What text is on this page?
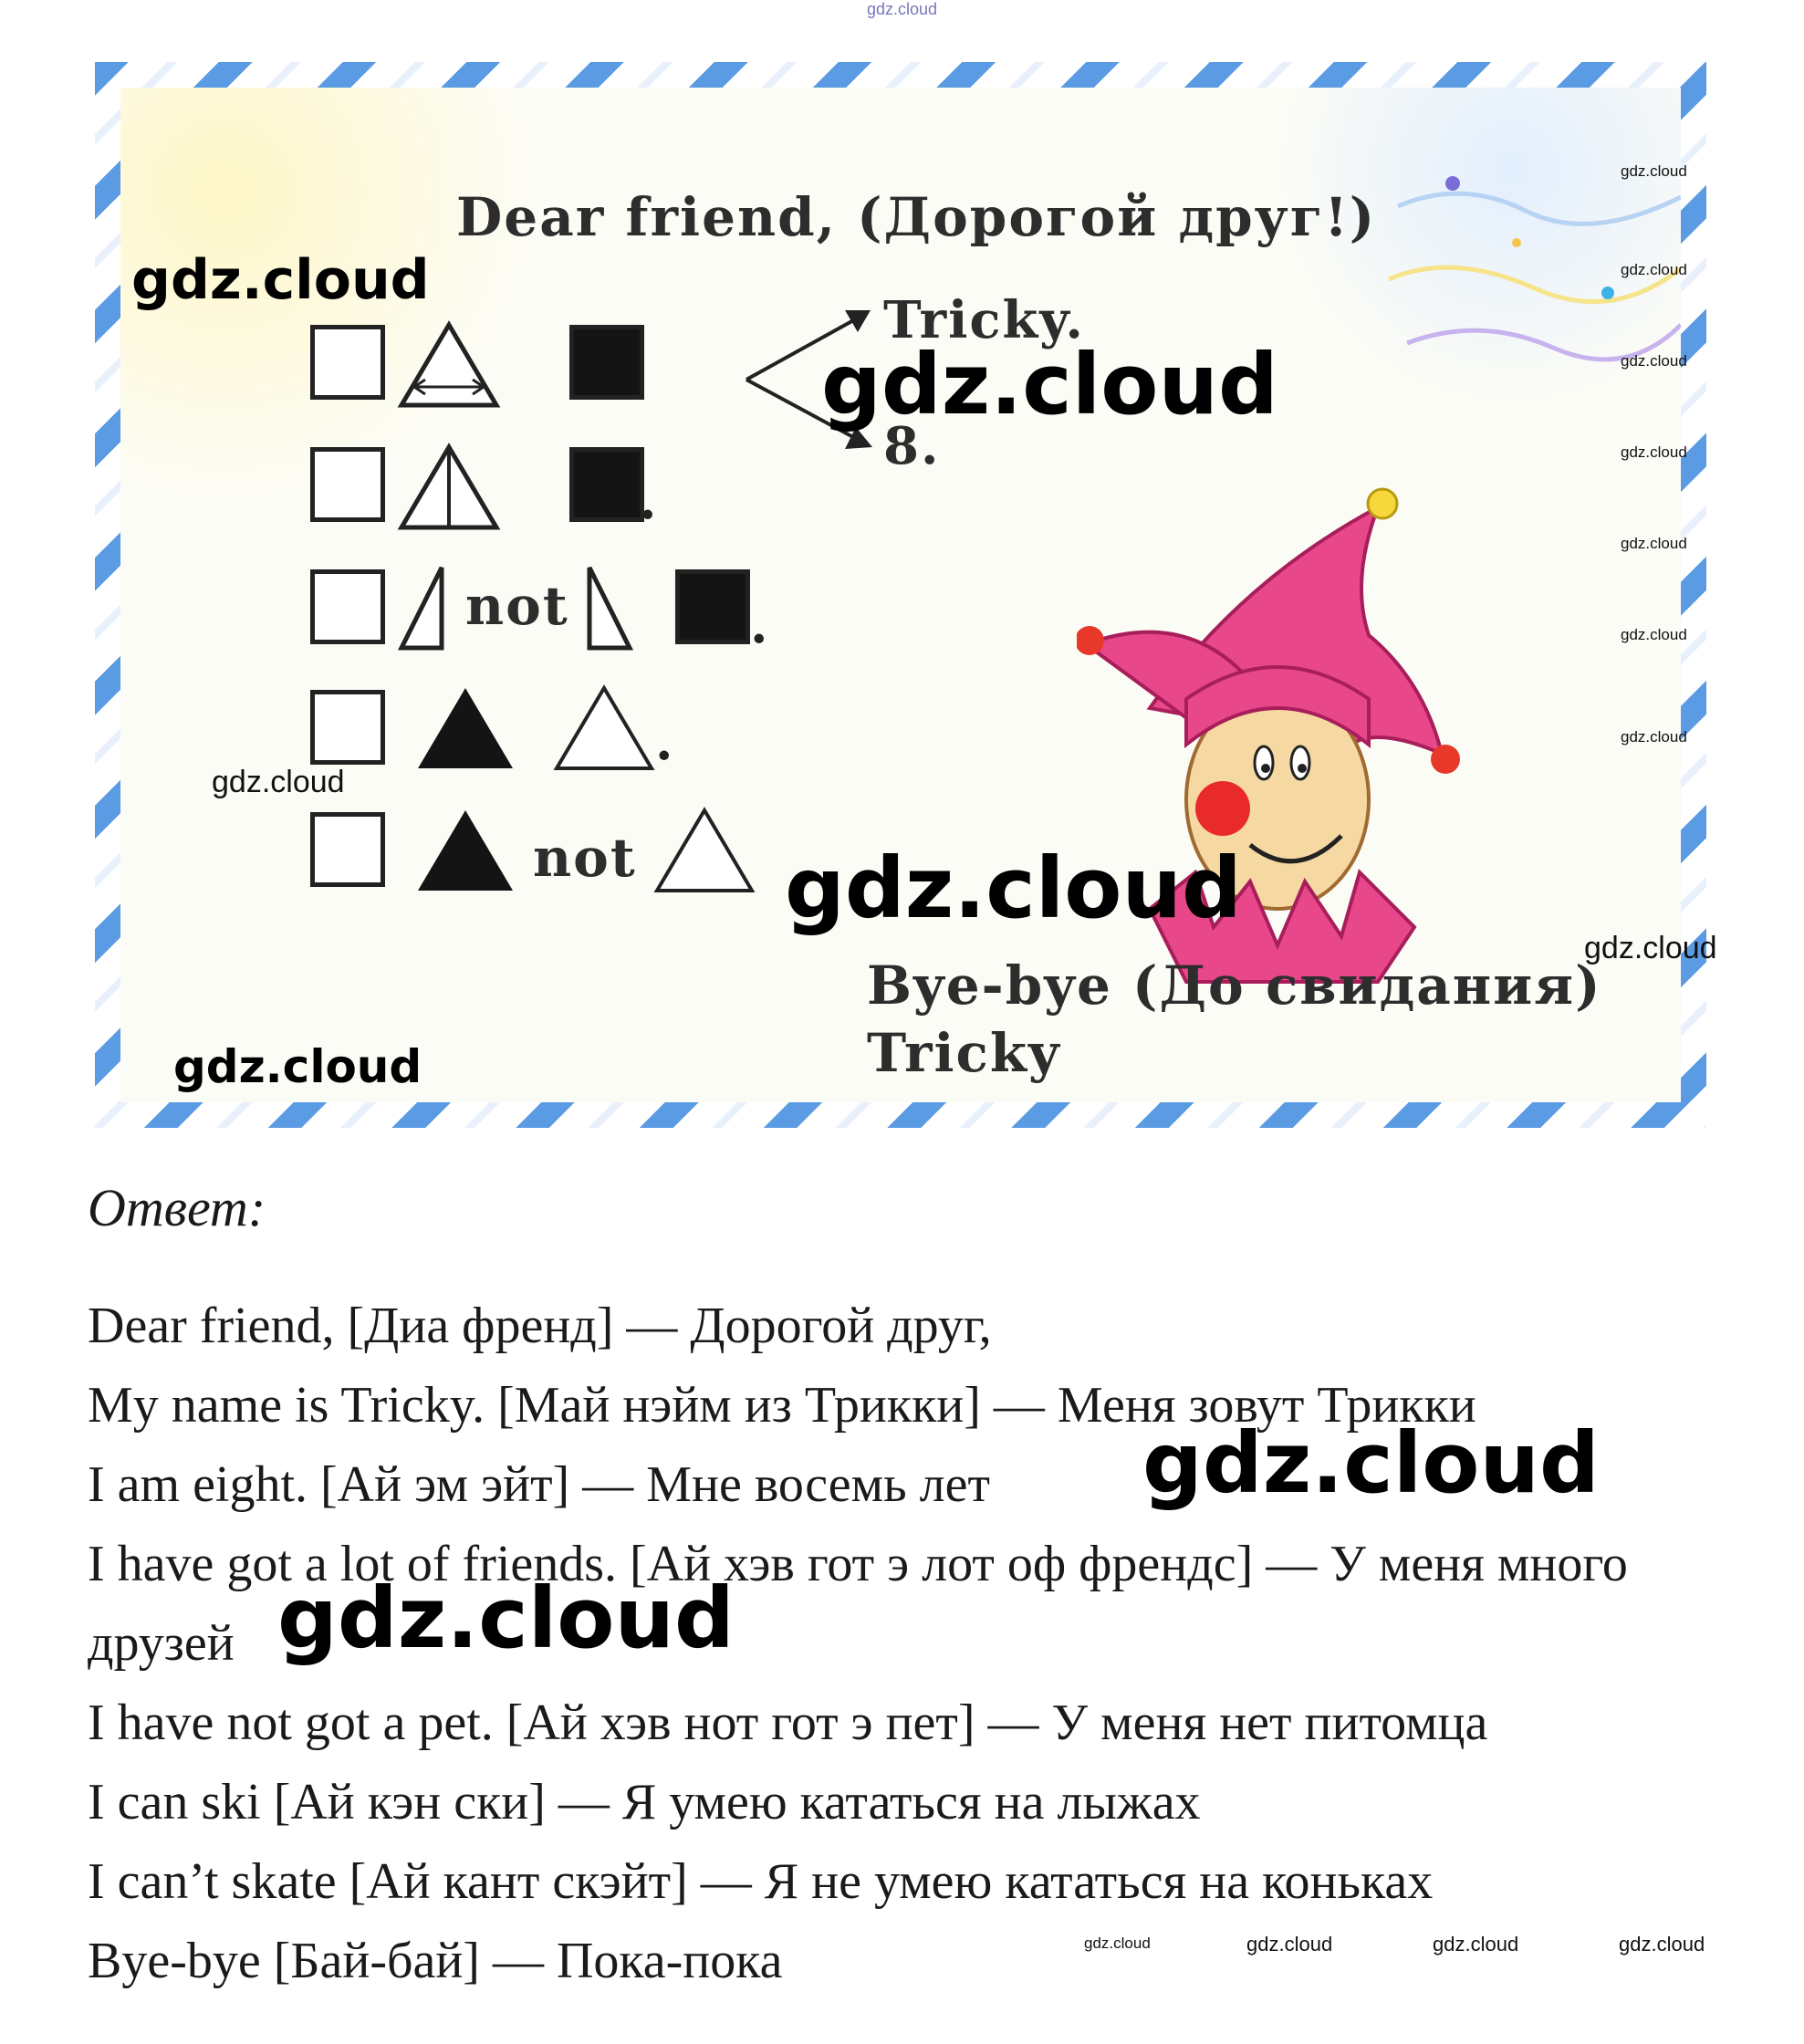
gdz.cloud
Dear friend, (Дорогой друг!)
Tricky.
8.
.
not	.
.
not
Bye-bye (До свидания)
Tricky
gdz.cloud
gdz.cloud
gdz.cloud
gdz.cloud
gdz.cloud
gdz.cloud
gdz.cloud
gdz.cloud
gdz.cloud
gdz.cloud
gdz.cloud
gdz.cloud
gdz.cloud
Ответ:
Dear friend, [Диа френд] — Дорогой друг,
My name is Tricky. [Май нэйм из Трикки] — Меня зовут Трикки
I am eight. [Ай эм эйт] — Мне восемь лет
I have got a lot of friends. [Ай хэв гот э лот оф френдс] — У меня много
друзей
I have not got a pet. [Ай хэв нот гот э пет] — У меня нет питомца
I can ski [Ай кэн ски] — Я умею кататься на лыжах
I can’t skate [Ай кант скэйт] — Я не умею кататься на коньках
Bye-bye [Бай-бай] — Пока-пока
gdz.cloud
gdz.cloud
gdz.cloud	gdz.cloud	gdz.cloud	gdz.cloud
